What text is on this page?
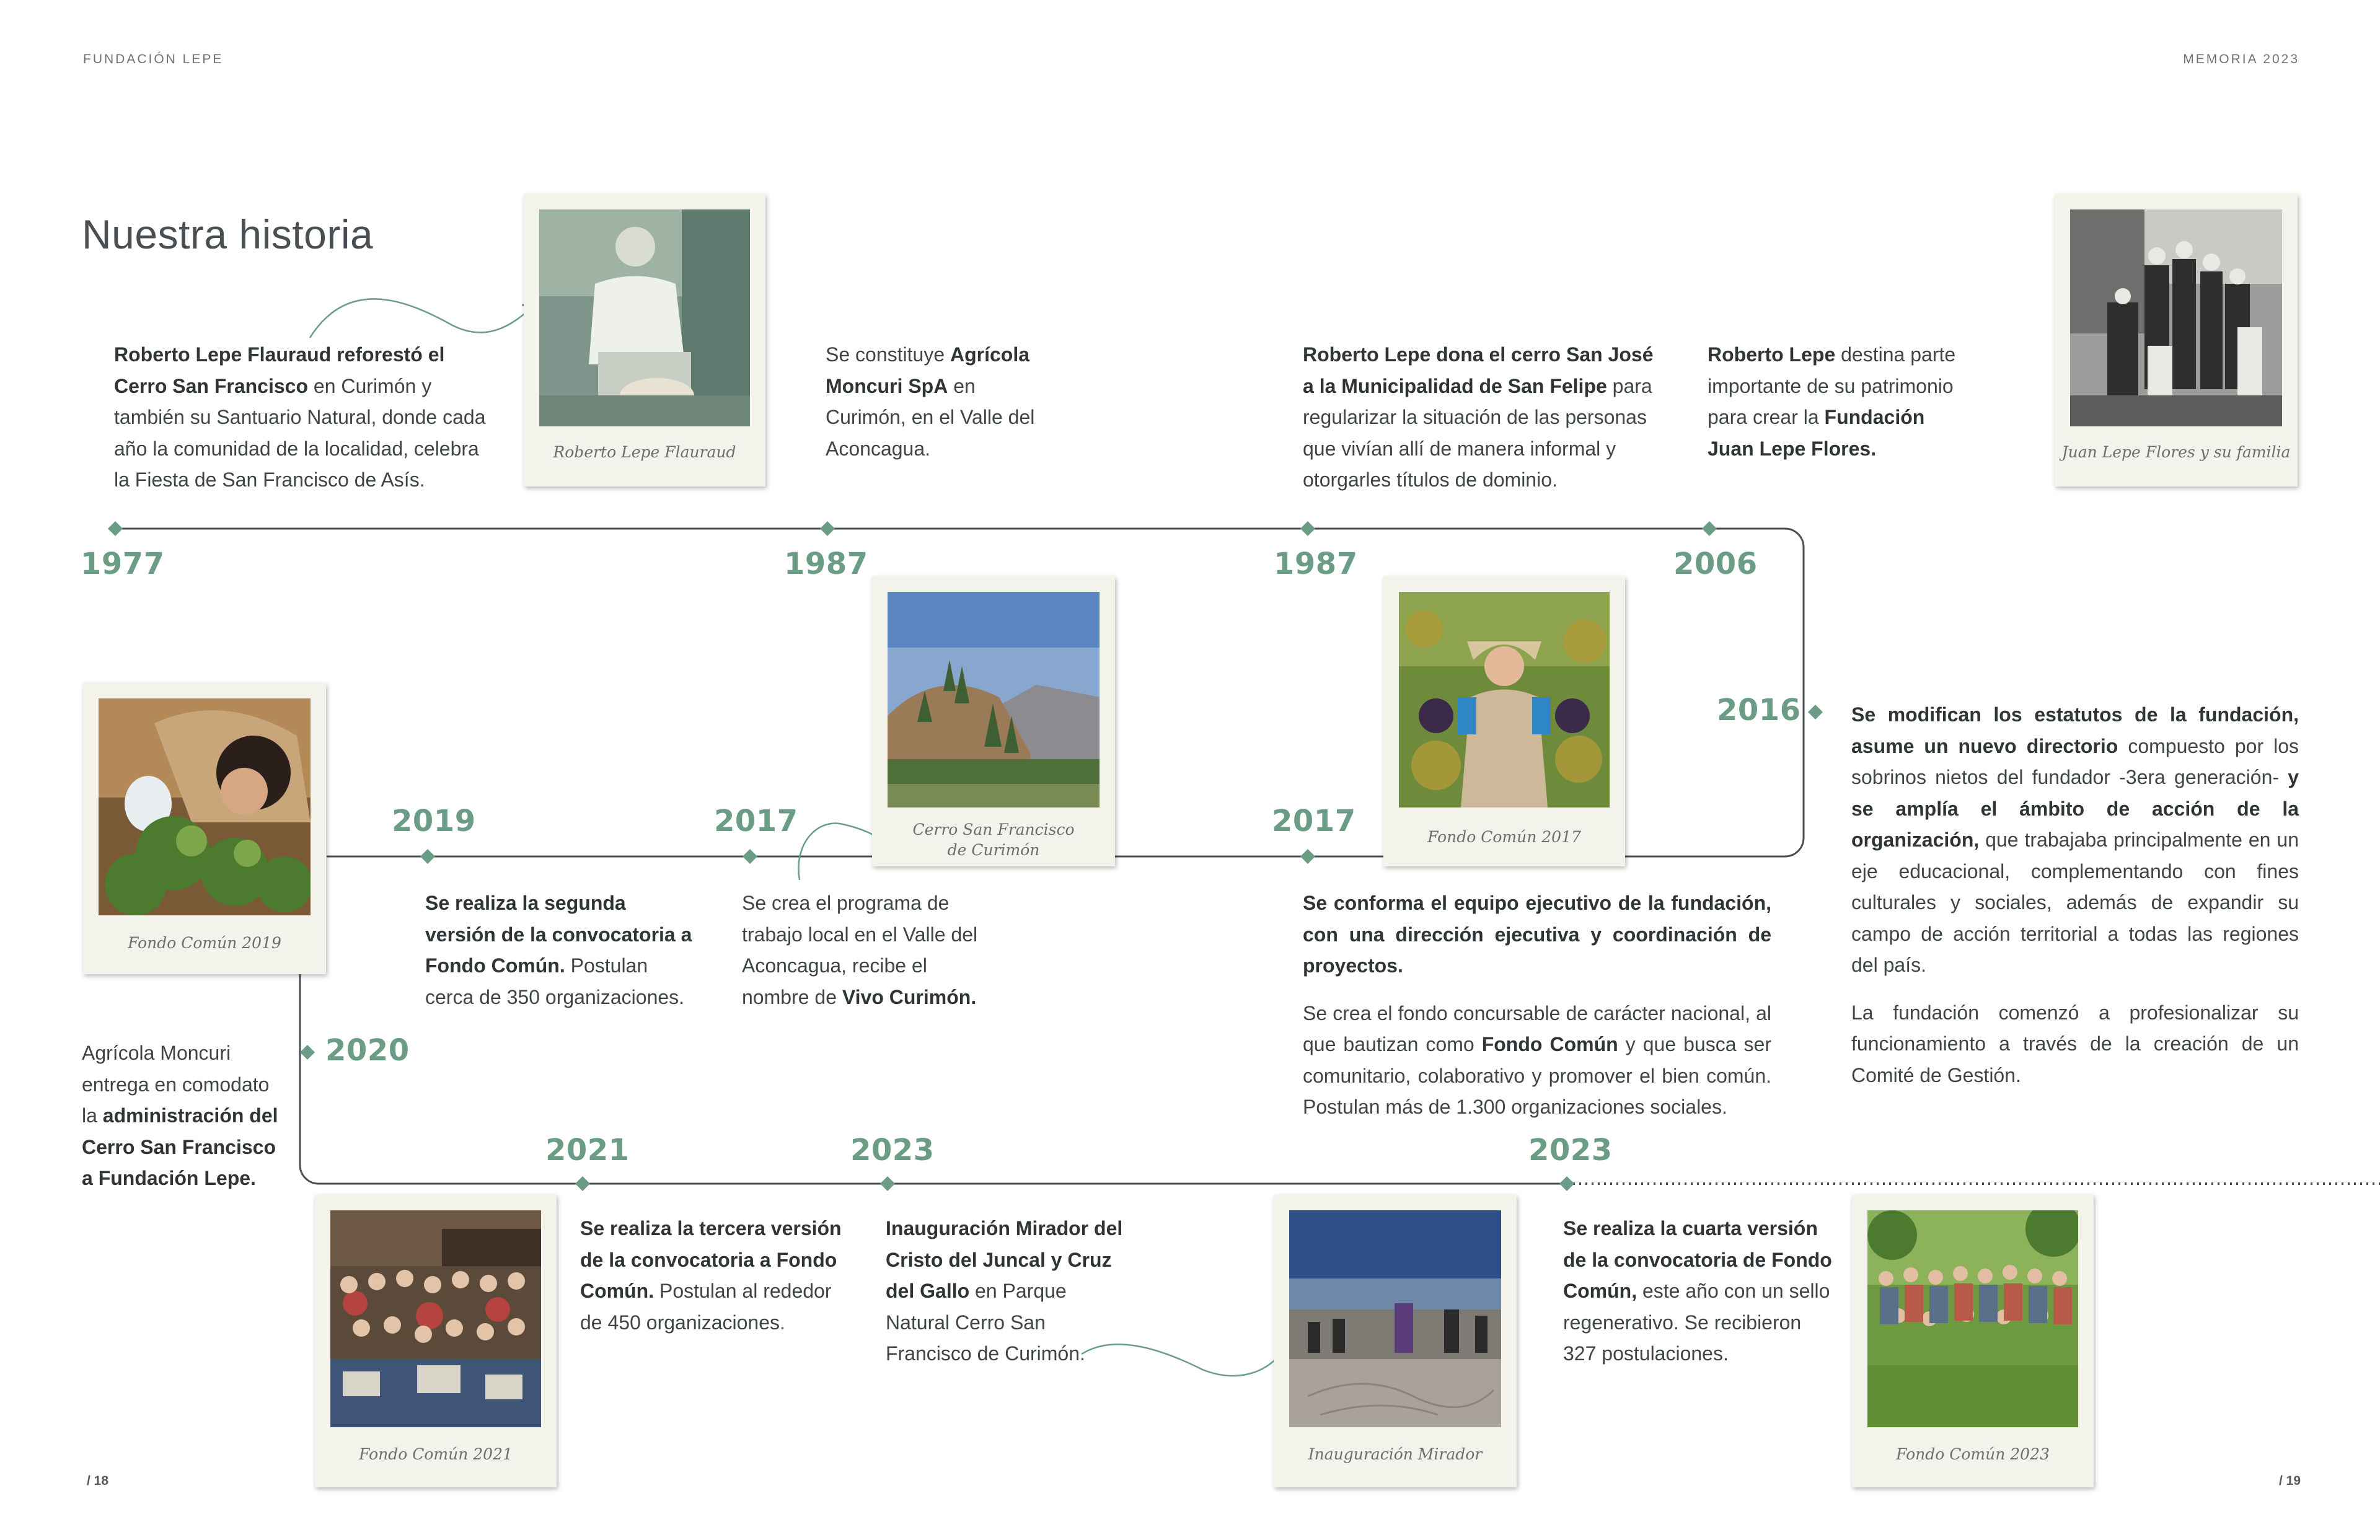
FUNDACIÓN LEPE	MEMORIA 2023
Nuestra historia
1977	1987	1987	2006
2016
2019	2017	2017
2020
2021	2023	2023
Roberto Lepe Flauraud reforestó el Cerro San Francisco en Curimón y también su Santuario Natural, donde cada año la comunidad de la localidad, celebra la Fiesta de San Francisco de Asís.
Se constituye Agrícola Moncuri SpA en Curimón, en el Valle del Aconcagua.
Roberto Lepe dona el cerro San José a la Municipalidad de San Felipe para regularizar la situación de las personas que vivían allí de manera informal y otorgarles títulos de dominio.
Roberto Lepe destina parte importante de su patrimonio para crear la Fundación Juan Lepe Flores.
Se modifican los estatutos de la fundación, asume un nuevo directorio compuesto por los sobrinos nietos del fundador -3era generación- y se amplía el ámbito de acción de la organización, que trabajaba principalmente en un eje educacional, complementando con fines culturales y sociales, además de expandir su campo de acción territorial a todas las regiones del país.
La fundación comenzó a profesionalizar su funcionamiento a través de la creación de un Comité de Gestión.
Se realiza la segunda versión de la convocatoria a Fondo Común. Postulan cerca de 350 organizaciones.
Se crea el programa de trabajo local en el Valle del Aconcagua, recibe el nombre de Vivo Curimón.
Se conforma el equipo ejecutivo de la fundación, con una dirección ejecutiva y coordinación de proyectos.
Se crea el fondo concursable de carácter nacional, al que bautizan como Fondo Común y que busca ser comunitario, colaborativo y promover el bien común. Postulan más de 1.300 organizaciones sociales.
Agrícola Moncuri entrega en comodato la administración del Cerro San Francisco a Fundación Lepe.
Se realiza la tercera versión de la convocatoria a Fondo Común. Postulan al rededor de 450 organizaciones.
Inauguración Mirador del Cristo del Juncal y Cruz del Gallo en Parque Natural Cerro San Francisco de Curimón.
Se realiza la cuarta versión de la convocatoria de Fondo Común, este año con un sello regenerativo. Se recibieron 327 postulaciones.
Roberto Lepe Flauraud	Juan Lepe Flores y su familia
Cerro San Francisco
de Curimón
Fondo Común 2017
Fondo Común 2019
Fondo Común 2021	Inauguración Mirador	Fondo Común 2023
/ 18	/ 19
